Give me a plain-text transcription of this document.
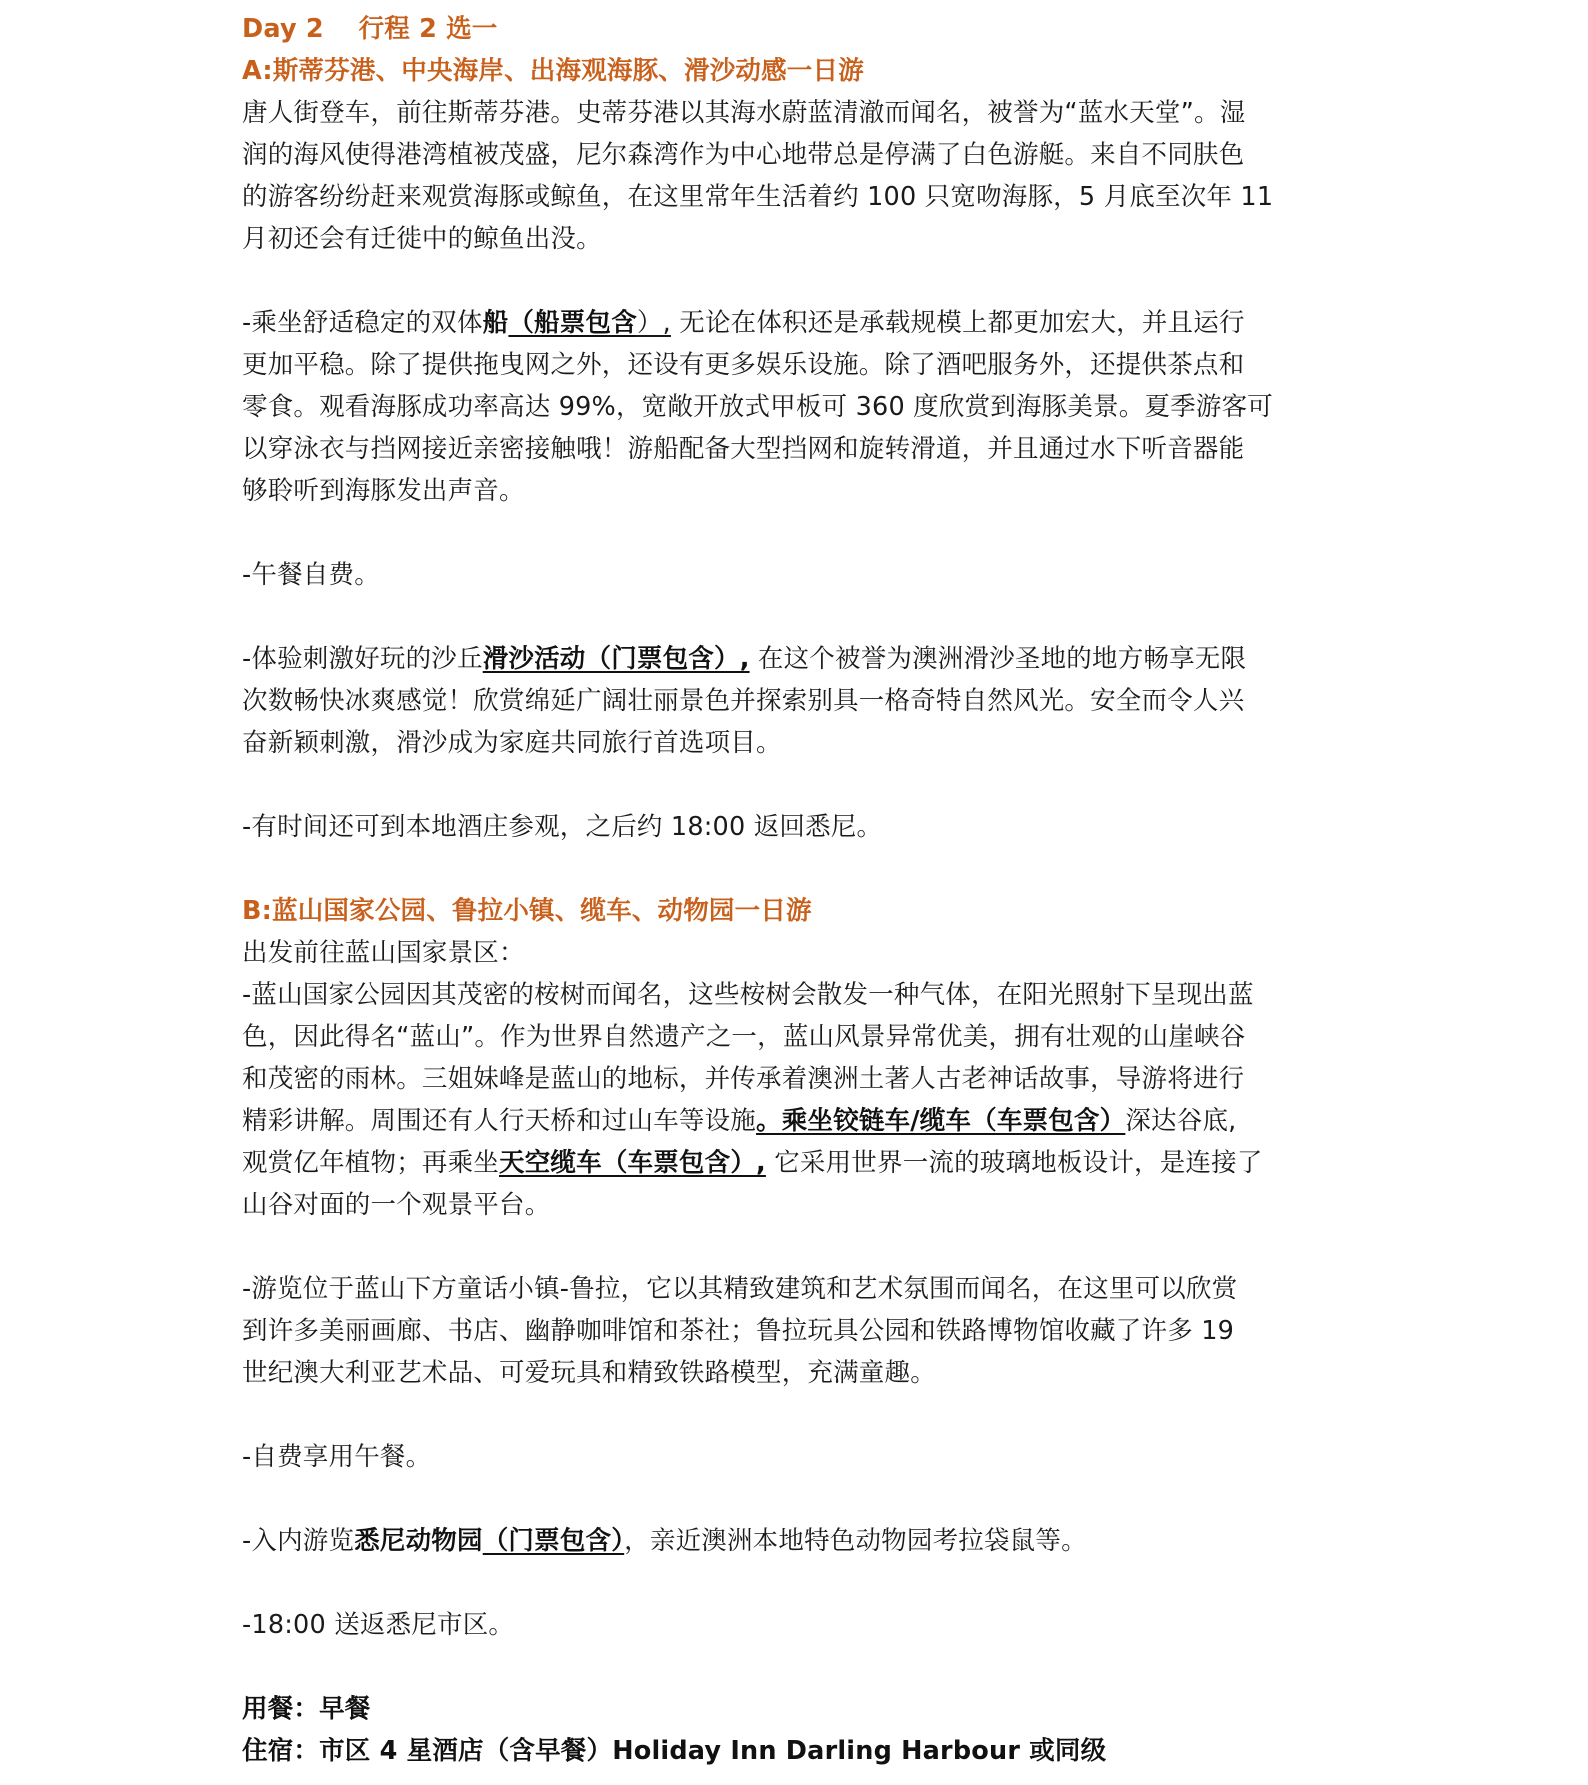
Day 2　 行程 2 选一
A:斯蒂芬港、中央海岸、出海观海豚、滑沙动感一日游
唐人街登车，前往斯蒂芬港。史蒂芬港以其海水蔚蓝清澈而闻名，被誉为“蓝水天堂”。湿
润的海风使得港湾植被茂盛，尼尔森湾作为中心地带总是停满了白色游艇。来自不同肤色
的游客纷纷赶来观赏海豚或鲸鱼，在这里常年生活着约 100 只宽吻海豚，5 月底至次年 11
月初还会有迁徙中的鲸鱼出没。
-乘坐舒适稳定的双体船（船票包含）, 无论在体积还是承载规模上都更加宏大，并且运行
更加平稳。除了提供拖曳网之外，还设有更多娱乐设施。除了酒吧服务外，还提供茶点和
零食。观看海豚成功率高达 99%，宽敞开放式甲板可 360 度欣赏到海豚美景。夏季游客可
以穿泳衣与挡网接近亲密接触哦！游船配备大型挡网和旋转滑道，并且通过水下听音器能
够聆听到海豚发出声音。
-午餐自费。
-体验刺激好玩的沙丘滑沙活动（门票包含）, 在这个被誉为澳洲滑沙圣地的地方畅享无限
次数畅快冰爽感觉！欣赏绵延广阔壮丽景色并探索别具一格奇特自然风光。安全而令人兴
奋新颖刺激，滑沙成为家庭共同旅行首选项目。
-有时间还可到本地酒庄参观，之后约 18:00 返回悉尼。
B:蓝山国家公园、鲁拉小镇、缆车、动物园一日游
出发前往蓝山国家景区：
-蓝山国家公园因其茂密的桉树而闻名，这些桉树会散发一种气体，在阳光照射下呈现出蓝
色，因此得名“蓝山”。作为世界自然遗产之一，蓝山风景异常优美，拥有壮观的山崖峡谷
和茂密的雨林。三姐妹峰是蓝山的地标，并传承着澳洲土著人古老神话故事，导游将进行
精彩讲解。周围还有人行天桥和过山车等设施。乘坐铰链车/缆车（车票包含）深达谷底,
观赏亿年植物；再乘坐天空缆车（车票包含）, 它采用世界一流的玻璃地板设计，是连接了
山谷对面的一个观景平台。
-游览位于蓝山下方童话小镇-鲁拉，它以其精致建筑和艺术氛围而闻名，在这里可以欣赏
到许多美丽画廊、书店、幽静咖啡馆和茶社；鲁拉玩具公园和铁路博物馆收藏了许多 19
世纪澳大利亚艺术品、可爱玩具和精致铁路模型，充满童趣。
-自费享用午餐。
-入内游览悉尼动物园（门票包含），亲近澳洲本地特色动物园考拉袋鼠等。
-18:00 送返悉尼市区。
用餐：早餐
住宿：市区 4 星酒店（含早餐）Holiday Inn Darling Harbour 或同级
